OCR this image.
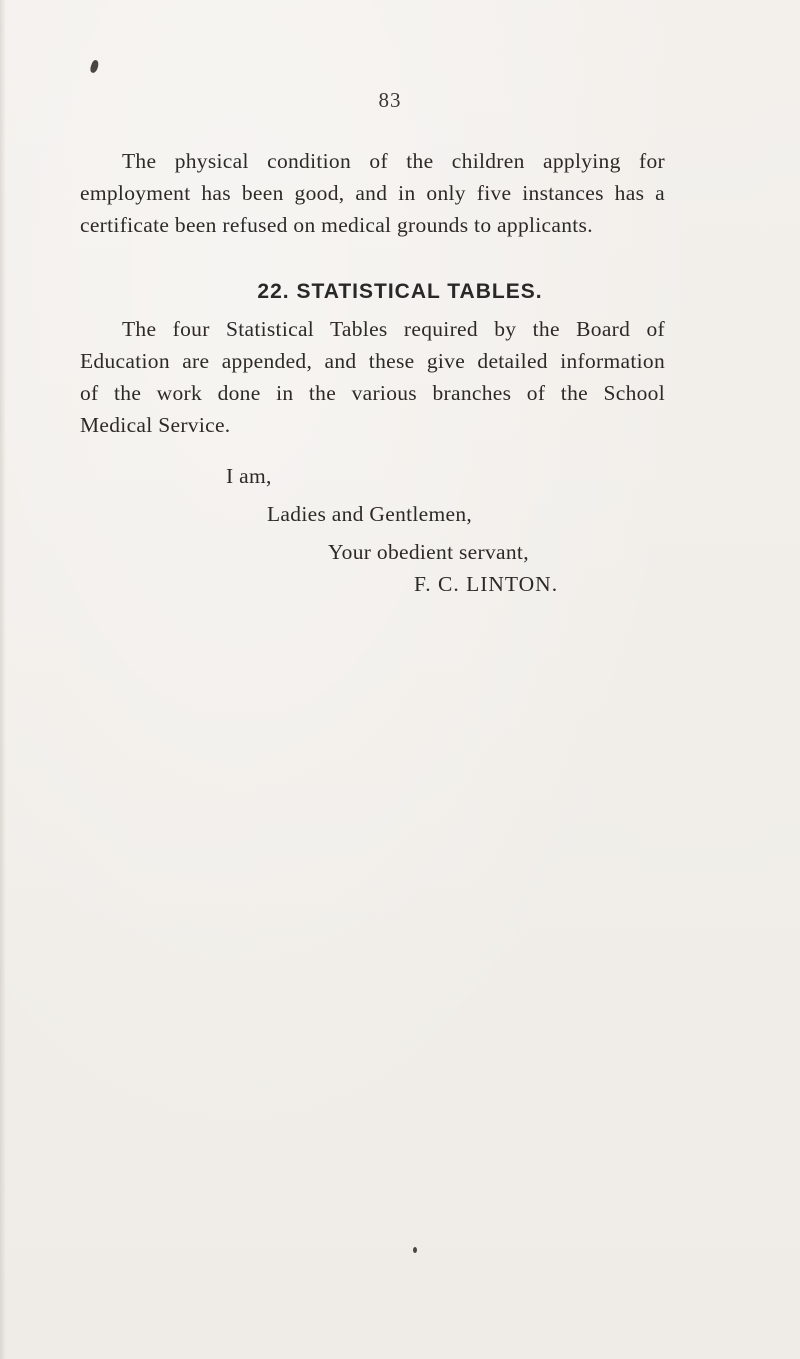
83
The physical condition of the children applying for
employment has been good, and in only five instances has a
certificate been refused on medical grounds to applicants.
22. STATISTICAL TABLES.
The four Statistical Tables required by the Board of
Education are appended, and these give detailed information
of the work done in the various branches of the School
Medical Service.
I am,
Ladies and Gentlemen,
Your obedient servant,
F. C. LINTON.
